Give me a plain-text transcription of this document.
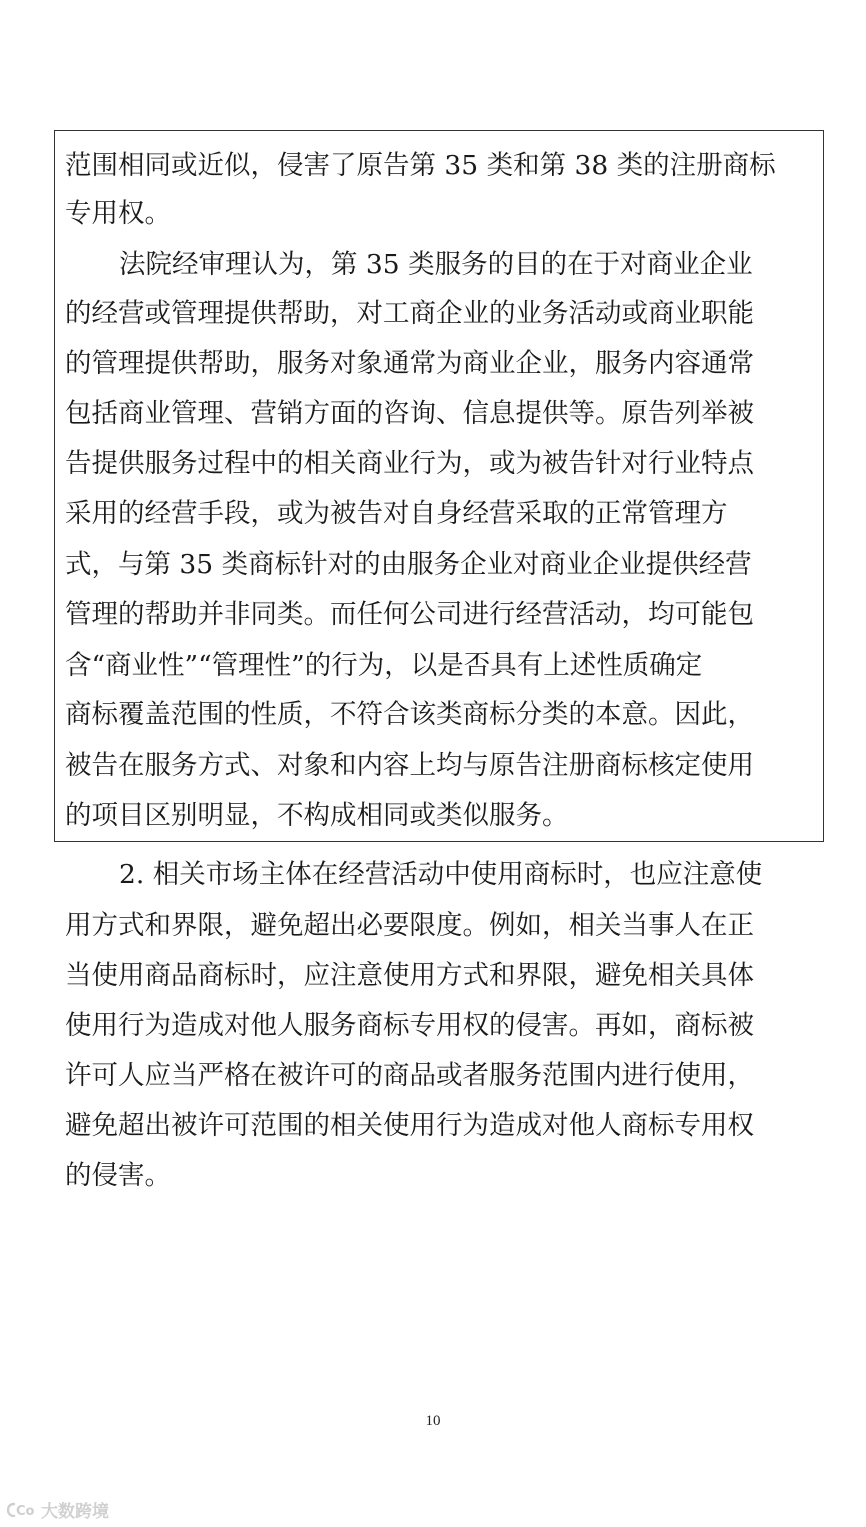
范围相同或近似，侵害了原告第 35 类和第 38 类的注册商标
专用权。
法院经审理认为，第 35 类服务的目的在于对商业企业
的经营或管理提供帮助，对工商企业的业务活动或商业职能
的管理提供帮助，服务对象通常为商业企业，服务内容通常
包括商业管理、营销方面的咨询、信息提供等。原告列举被
告提供服务过程中的相关商业行为，或为被告针对行业特点
采用的经营手段，或为被告对自身经营采取的正常管理方
式，与第 35 类商标针对的由服务企业对商业企业提供经营
管理的帮助并非同类。而任何公司进行经营活动，均可能包
含“商业性”“管理性”的行为，以是否具有上述性质确定
商标覆盖范围的性质，不符合该类商标分类的本意。因此，
被告在服务方式、对象和内容上均与原告注册商标核定使用
的项目区别明显，不构成相同或类似服务。
2. 相关市场主体在经营活动中使用商标时，也应注意使
用方式和界限，避免超出必要限度。例如，相关当事人在正
当使用商品商标时，应注意使用方式和界限，避免相关具体
使用行为造成对他人服务商标专用权的侵害。再如，商标被
许可人应当严格在被许可的商品或者服务范围内进行使用，
避免超出被许可范围的相关使用行为造成对他人商标专用权
的侵害。
10
Co 大数跨境
